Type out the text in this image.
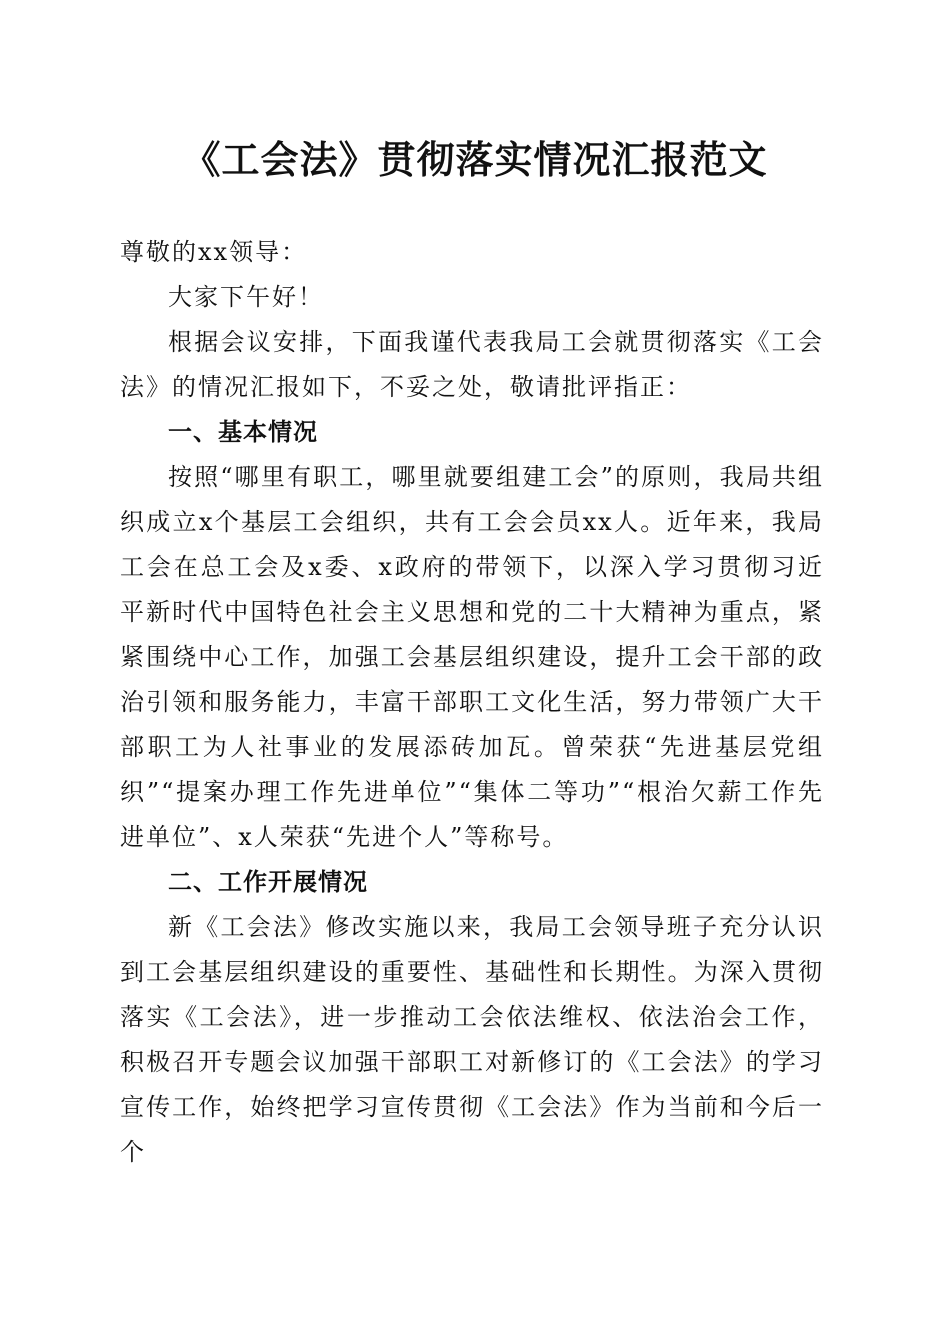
《工会法》贯彻落实情况汇报范文

尊敬的xx领导：

大家下午好！

根据会议安排，下面我谨代表我局工会就贯彻落实《工会法》的情况汇报如下，不妥之处，敬请批评指正：

一、基本情况

按照“哪里有职工，哪里就要组建工会”的原则，我局共组织成立x个基层工会组织，共有工会会员xx人。近年来，我局工会在总工会及x委、x政府的带领下，以深入学习贯彻习近平新时代中国特色社会主义思想和党的二十大精神为重点，紧紧围绕中心工作，加强工会基层组织建设，提升工会干部的政治引领和服务能力，丰富干部职工文化生活，努力带领广大干部职工为人社事业的发展添砖加瓦。曾荣获“先进基层党组织”“提案办理工作先进单位”“集体二等功”“根治欠薪工作先进单位”、x人荣获“先进个人”等称号。

二、工作开展情况

新《工会法》修改实施以来，我局工会领导班子充分认识到工会基层组织建设的重要性、基础性和长期性。为深入贯彻落实《工会法》，进一步推动工会依法维权、依法治会工作，积极召开专题会议加强干部职工对新修订的《工会法》的学习宣传工作，始终把学习宣传贯彻《工会法》作为当前和今后一个
